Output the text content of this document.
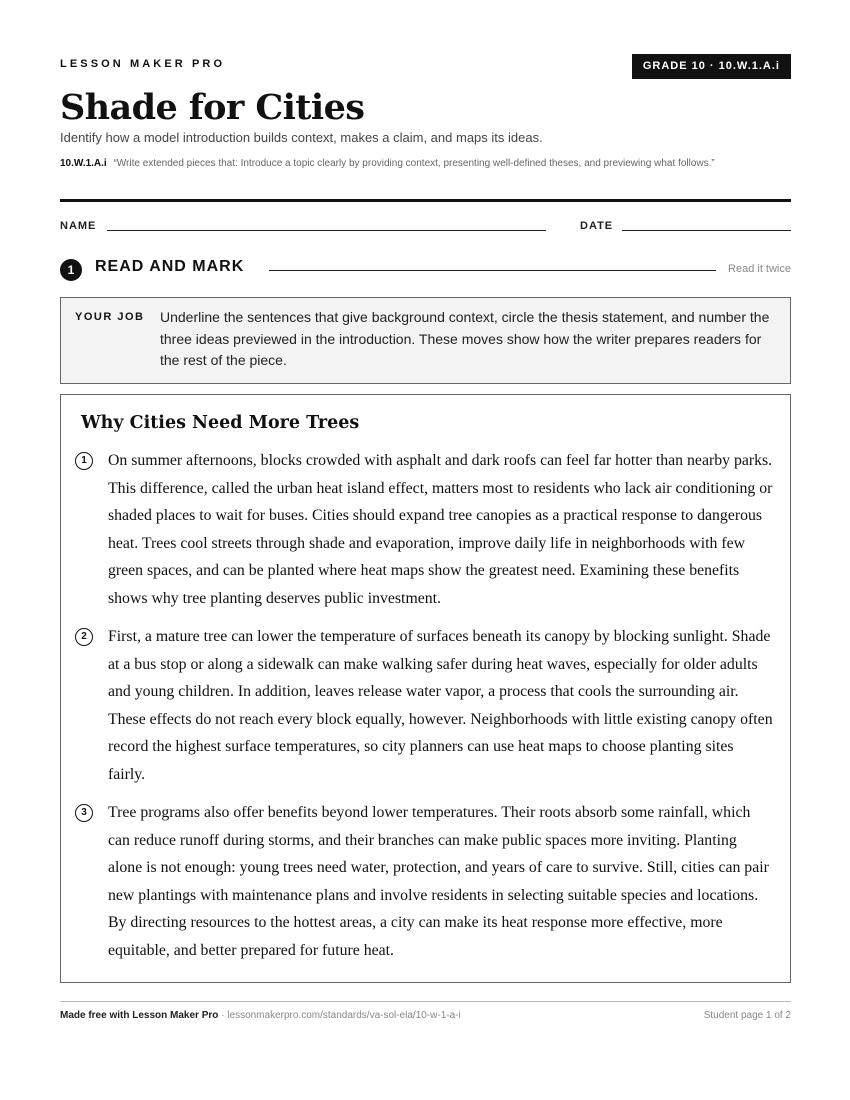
LESSON MAKER PRO	GRADE 10 · 10.W.1.A.i
Shade for Cities
Identify how a model introduction builds context, makes a claim, and maps its ideas.
10.W.1.A.i “Write extended pieces that: Introduce a topic clearly by providing context, presenting well-defined theses, and previewing what follows.”
NAME	DATE
1	READ AND MARK	Read it twice
YOUR JOB Underline the sentences that give background context, circle the thesis statement, and number the three ideas previewed in the introduction. These moves show how the writer prepares readers for the rest of the piece.
Why Cities Need More Trees
1	On summer afternoons, blocks crowded with asphalt and dark roofs can feel far hotter than nearby parks. This difference, called the urban heat island effect, matters most to residents who lack air conditioning or shaded places to wait for buses. Cities should expand tree canopies as a practical response to dangerous heat. Trees cool streets through shade and evaporation, improve daily life in neighborhoods with few green spaces, and can be planted where heat maps show the greatest need. Examining these benefits shows why tree planting deserves public investment.
2	First, a mature tree can lower the temperature of surfaces beneath its canopy by blocking sunlight. Shade at a bus stop or along a sidewalk can make walking safer during heat waves, especially for older adults and young children. In addition, leaves release water vapor, a process that cools the surrounding air. These effects do not reach every block equally, however. Neighborhoods with little existing canopy often record the highest surface temperatures, so city planners can use heat maps to choose planting sites fairly.
3	Tree programs also offer benefits beyond lower temperatures. Their roots absorb some rainfall, which can reduce runoff during storms, and their branches can make public spaces more inviting. Planting alone is not enough: young trees need water, protection, and years of care to survive. Still, cities can pair new plantings with maintenance plans and involve residents in selecting suitable species and locations. By directing resources to the hottest areas, a city can make its heat response more effective, more equitable, and better prepared for future heat.
Made free with Lesson Maker Pro · lessonmakerpro.com/standards/va-sol-ela/10-w-1-a-i	Student page 1 of 2
